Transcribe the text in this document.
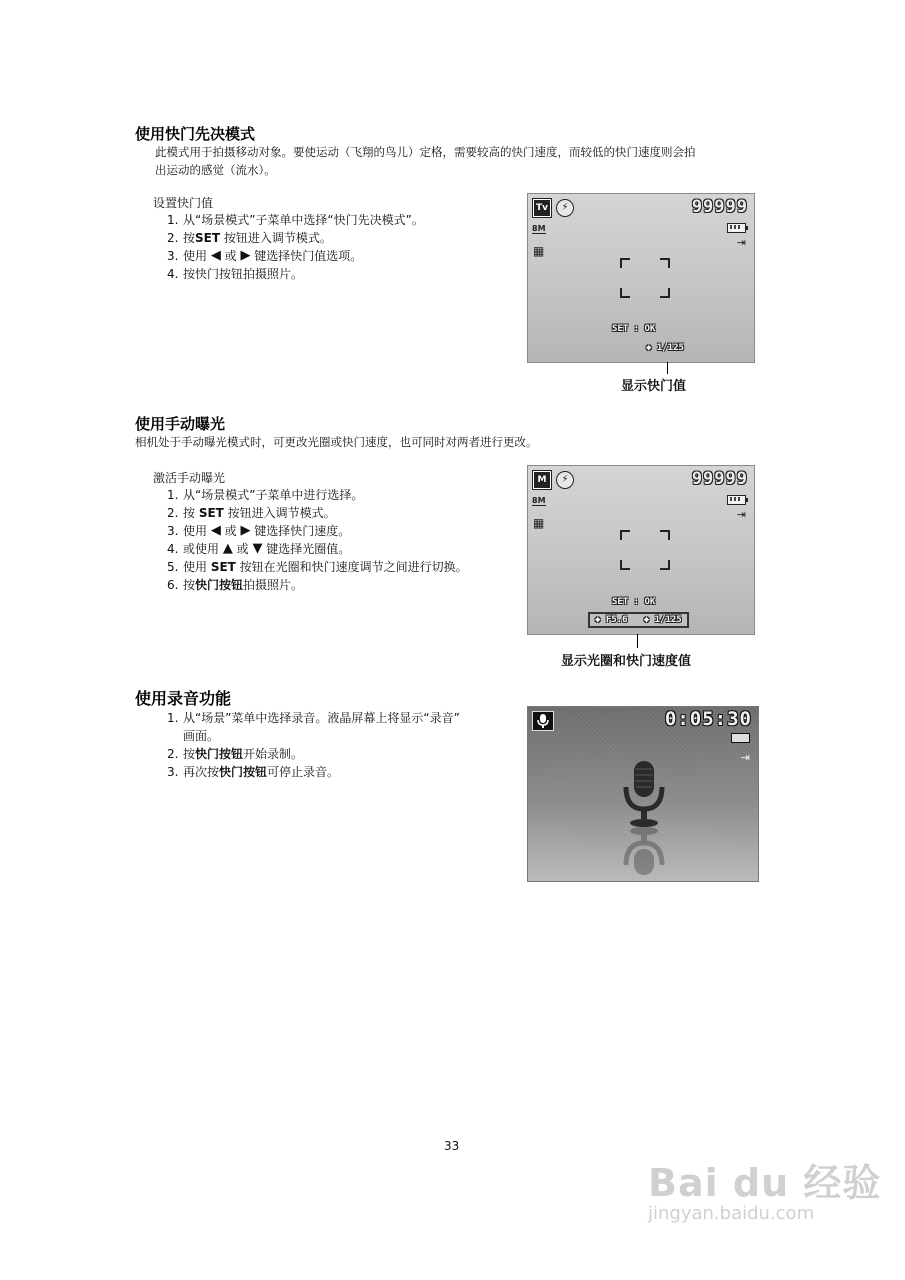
使用快门先决模式
此模式用于拍摄移动对象。要使运动（飞翔的鸟儿）定格，需要较高的快门速度，而较低的快门速度则会拍
出运动的感觉（流水）。
设置快门值
1. 从“场景模式”子菜单中选择“快门先决模式”。
2. 按 SET 按钮进入调节模式。
3. 使用 ◀ 或 ▶ 键选择快门值选项。
4. 按快门按钮拍摄照片。
Tv	⚡	99999
8M
▦
⇥
SET : OK
◆ 1/125
显示快门值
使用手动曝光
相机处于手动曝光模式时，可更改光圈或快门速度，也可同时对两者进行更改。
激活手动曝光
1. 从“场景模式”子菜单中进行选择。
2. 按 SET 按钮进入调节模式。
3. 使用 ◀ 或 ▶ 键选择快门速度。
4. 或使用 ▲ 或 ▼ 键选择光圈值。
5. 使用 SET 按钮在光圈和快门速度调节之间进行切换。
6. 按 快门按钮 拍摄照片。
M	⚡	99999
8M
▦
⇥
SET : OK
◆ F5.6 ◆ 1/125
显示光圈和快门速度值
使用录音功能
1. 从“场景”菜单中选择录音。液晶屏幕上将显示“录音”
画面。
2. 按 快门按钮 开始录制。
3. 再次按 快门按钮 可停止录音。
0:05:30
⇥
33
Bai du 经验
jingyan.baidu.com
